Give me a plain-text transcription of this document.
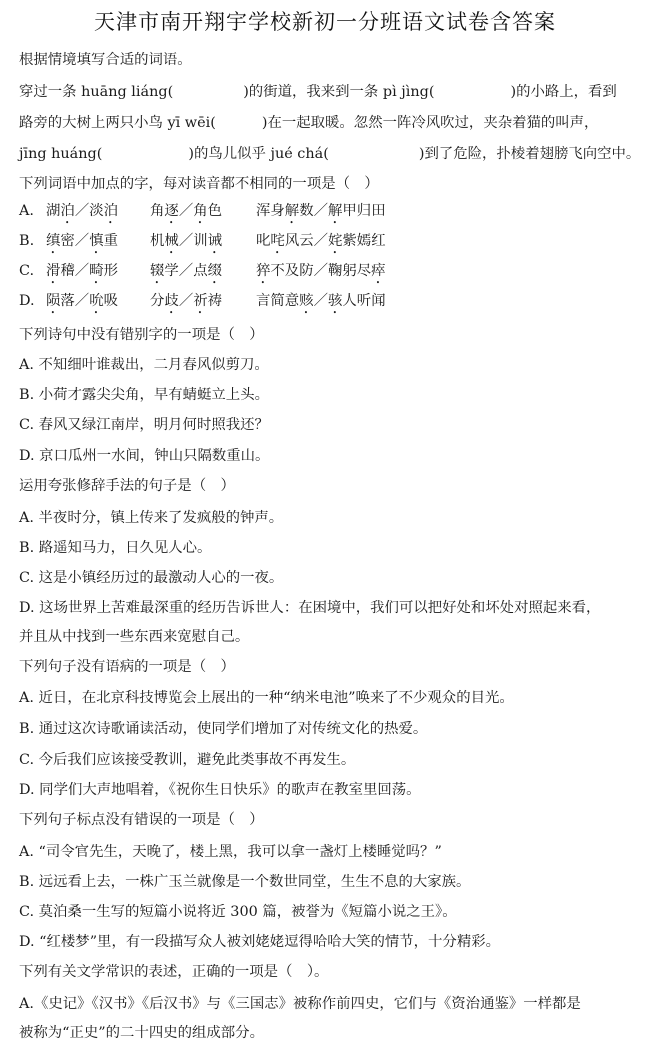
天津市南开翔宇学校新初一分班语文试卷含答案
根据情境填写合适的词语。
穿过一条 huāng liáng(	)的街道，我来到一条 pì jìng(	)的小路上，看到
路旁的大树上两只小鸟 yī wēi(	)在一起取暖。忽然一阵冷风吹过，夹杂着猫的叫声，
jīng huáng(	)的鸟儿似乎 jué chá(	)到了危险，扑棱着翅膀飞向空中。
下列词语中加点的字，每对读音都不相同的一项是（　）
A. 湖泊／淡泊 角逐／角色 浑身解数／解甲归田
B. 缜密／慎重 机械／训诫 叱咤风云／姹紫嫣红
C. 滑稽／畸形 辍学／点缀 猝不及防／鞠躬尽瘁
D. 陨落／吮吸 分歧／祈祷 言简意赅／骇人听闻
下列诗句中没有错别字的一项是（　）
A. 不知细叶谁裁出，二月春风似剪刀。
B. 小荷才露尖尖角，早有蜻蜓立上头。
C. 春风又绿江南岸，明月何时照我还？
D. 京口瓜州一水间，钟山只隔数重山。
运用夸张修辞手法的句子是（　）
A. 半夜时分，镇上传来了发疯般的钟声。
B. 路遥知马力，日久见人心。
C. 这是小镇经历过的最激动人心的一夜。
D. 这场世界上苦难最深重的经历告诉世人：在困境中，我们可以把好处和坏处对照起来看，
并且从中找到一些东西来宽慰自己。
下列句子没有语病的一项是（　）
A. 近日，在北京科技博览会上展出的一种“纳米电池”唤来了不少观众的目光。
B. 通过这次诗歌诵读活动，使同学们增加了对传统文化的热爱。
C. 今后我们应该接受教训，避免此类事故不再发生。
D. 同学们大声地唱着，《祝你生日快乐》的歌声在教室里回荡。
下列句子标点没有错误的一项是（　）
A. “司令官先生，天晚了，楼上黑，我可以拿一盏灯上楼睡觉吗？”
B. 远远看上去，一株广玉兰就像是一个数世同堂，生生不息的大家族。
C. 莫泊桑一生写的短篇小说将近 300 篇，被誉为《短篇小说之王》。
D. “红楼梦”里，有一段描写众人被刘姥姥逗得哈哈大笑的情节，十分精彩。
下列有关文学常识的表述，正确的一项是（　）。
A.《史记》《汉书》《后汉书》与《三国志》被称作前四史，它们与《资治通鉴》一样都是
被称为“正史”的二十四史的组成部分。
